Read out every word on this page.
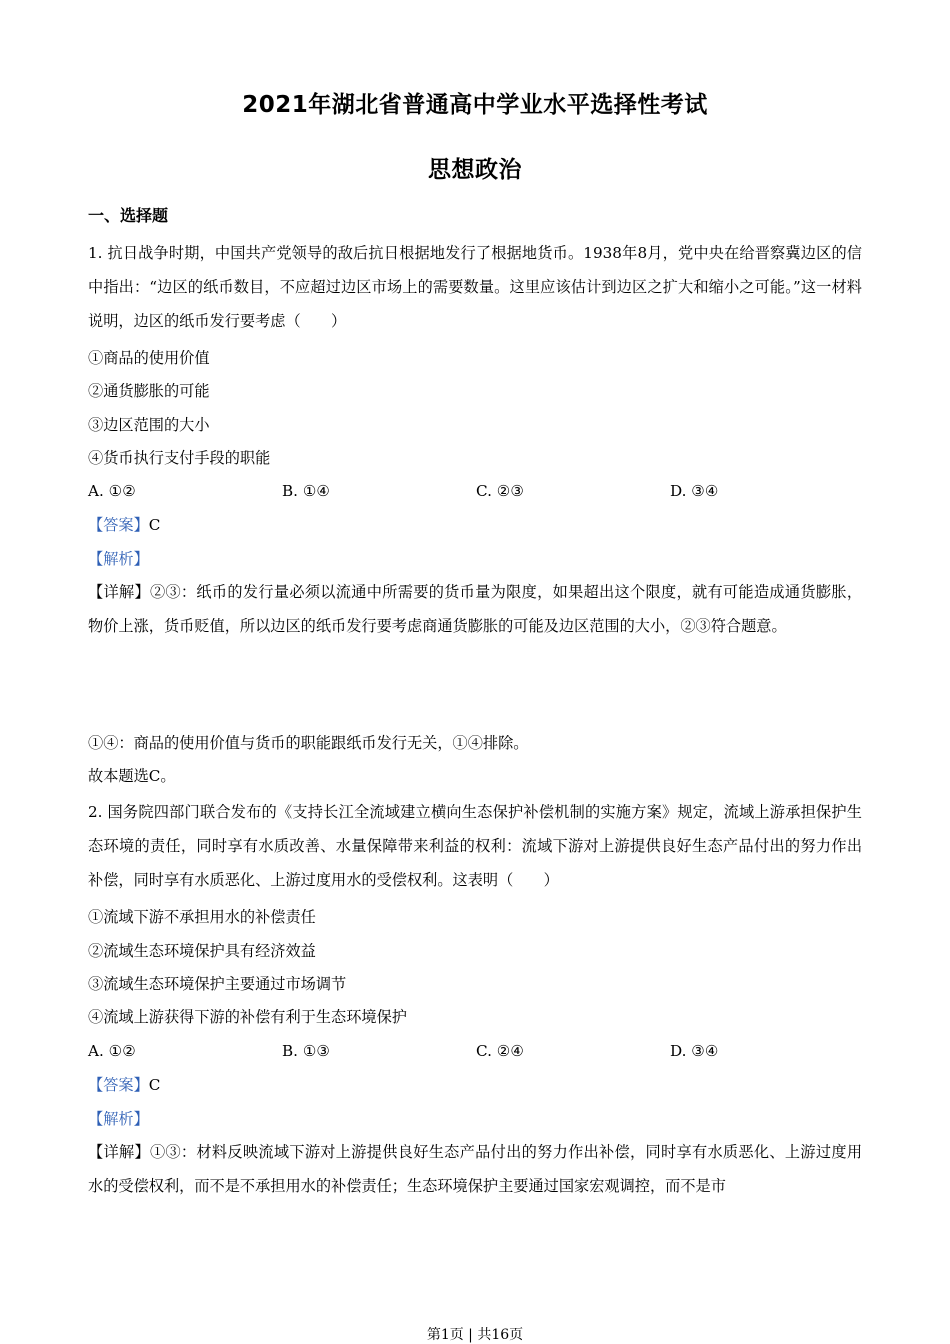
2021年湖北省普通高中学业水平选择性考试
思想政治
一、选择题
1. 抗日战争时期，中国共产党领导的敌后抗日根据地发行了根据地货币。1938年8月，党中央在给晋察冀边区的信中指出：“边区的纸币数目，不应超过边区市场上的需要数量。这里应该估计到边区之扩大和缩小之可能。”这一材料说明，边区的纸币发行要考虑（　　）
①商品的使用价值
②通货膨胀的可能
③边区范围的大小
④货币执行支付手段的职能
A. ①②	B. ①④	C. ②③	D. ③④
【答案】C
【解析】
【详解】②③：纸币的发行量必须以流通中所需要的货币量为限度，如果超出这个限度，就有可能造成通货膨胀，物价上涨，货币贬值，所以边区的纸币发行要考虑商通货膨胀的可能及边区范围的大小，②③符合题意。
①④：商品的使用价值与货币的职能跟纸币发行无关，①④排除。
故本题选C。
2. 国务院四部门联合发布的《支持长江全流域建立横向生态保护补偿机制的实施方案》规定，流域上游承担保护生态环境的责任，同时享有水质改善、水量保障带来利益的权利：流域下游对上游提供良好生态产品付出的努力作出补偿，同时享有水质恶化、上游过度用水的受偿权利。这表明（　　）
①流域下游不承担用水的补偿责任
②流域生态环境保护具有经济效益
③流域生态环境保护主要通过市场调节
④流域上游获得下游的补偿有利于生态环境保护
A. ①②	B. ①③	C. ②④	D. ③④
【答案】C
【解析】
【详解】①③：材料反映流域下游对上游提供良好生态产品付出的努力作出补偿，同时享有水质恶化、上游过度用水的受偿权利，而不是不承担用水的补偿责任；生态环境保护主要通过国家宏观调控，而不是市
第1页 | 共16页
